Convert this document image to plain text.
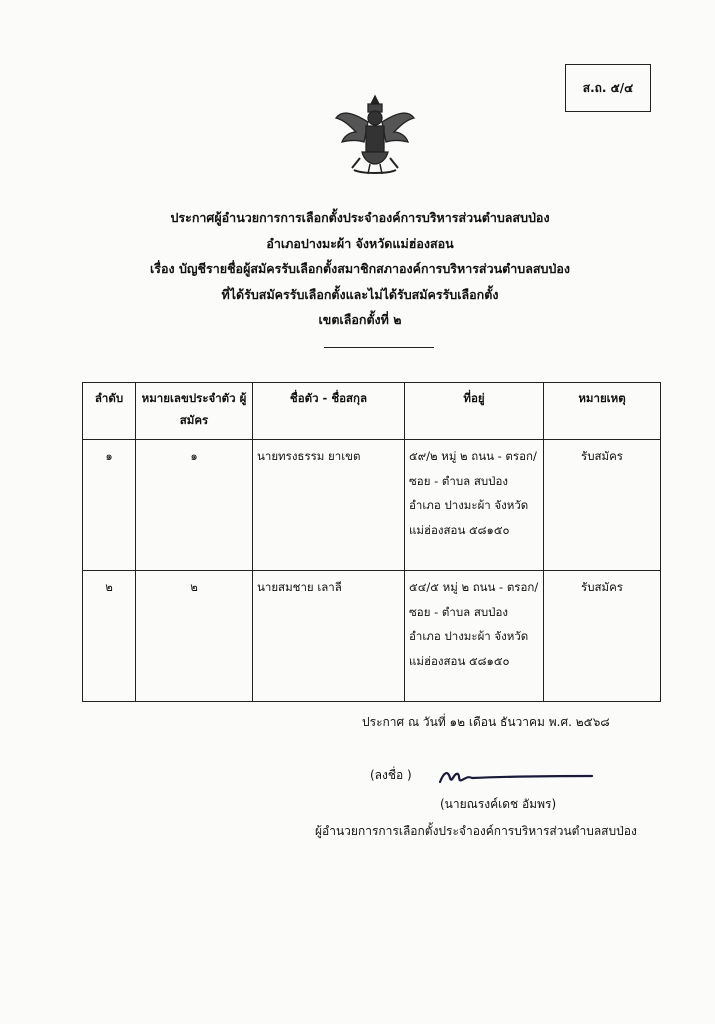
ส.ถ. ๕/๔
ประกาศผู้อำนวยการการเลือกตั้งประจำองค์การบริหารส่วนตำบลสบป่อง
อำเภอปางมะผ้า จังหวัดแม่ฮ่องสอน
เรื่อง บัญชีรายชื่อผู้สมัครรับเลือกตั้งสมาชิกสภาองค์การบริหารส่วนตำบลสบป่อง
ที่ได้รับสมัครรับเลือกตั้งและไม่ได้รับสมัครรับเลือกตั้ง
เขตเลือกตั้งที่ ๒
ลำดับ	หมายเลขประจำตัว ผู้สมัคร	ชื่อตัว - ชื่อสกุล	ที่อยู่	หมายเหตุ
๑	๑	นายทรงธรรม ยาเขต	๕๙/๒ หมู่ ๒ ถนน - ตรอก/ซอย - ตำบล สบป่อง อำเภอ ปางมะผ้า จังหวัด แม่ฮ่องสอน ๕๘๑๕๐	รับสมัคร
๒	๒	นายสมชาย เลาลี	๕๔/๕ หมู่ ๒ ถนน - ตรอก/ซอย - ตำบล สบป่อง อำเภอ ปางมะผ้า จังหวัด แม่ฮ่องสอน ๕๘๑๕๐	รับสมัคร
ประกาศ ณ วันที่ ๑๒ เดือน ธันวาคม พ.ศ. ๒๕๖๘
(ลงชื่อ )
(นายณรงค์เดช อัมพร)
ผู้อำนวยการการเลือกตั้งประจำองค์การบริหารส่วนตำบลสบป่อง
